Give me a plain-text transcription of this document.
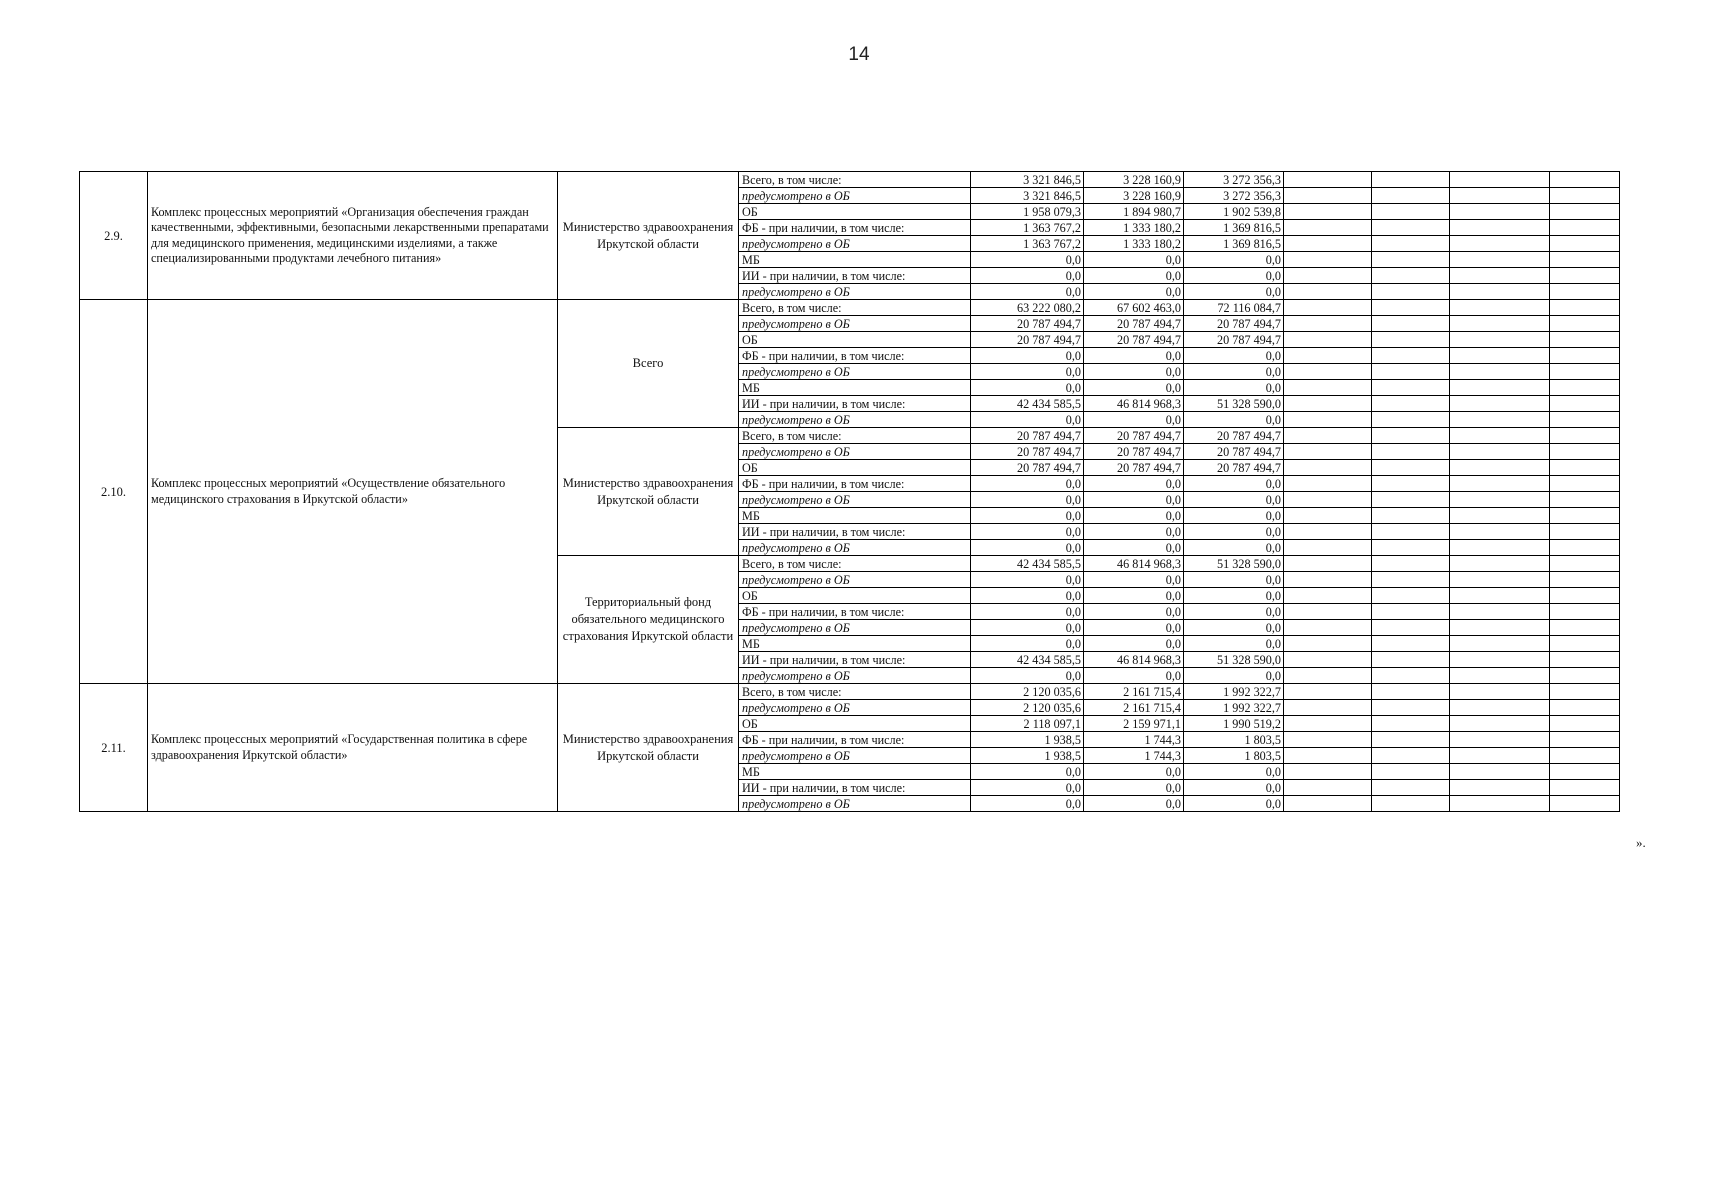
14
2.9.	Комплекс процессных мероприятий «Организация обеспечения граждан качественными, эффективными, безопасными лекарственными препаратами для медицинского применения, медицинскими изделиями, а также специализированными продуктами лечебного питания»	Министерство здравоохранения Иркутской области	Всего, в том числе:	3 321 846,5	3 228 160,9	3 272 356,3				
			предусмотрено в ОБ	3 321 846,5	3 228 160,9	3 272 356,3				
			ОБ	1 958 079,3	1 894 980,7	1 902 539,8				
			ФБ - при наличии, в том числе:	1 363 767,2	1 333 180,2	1 369 816,5				
			предусмотрено в ОБ	1 363 767,2	1 333 180,2	1 369 816,5				
			МБ	0,0	0,0	0,0				
			ИИ - при наличии, в том числе:	0,0	0,0	0,0				
			предусмотрено в ОБ	0,0	0,0	0,0				
2.10.	Комплекс процессных мероприятий «Осуществление обязательного медицинского страхования в Иркутской области»	Всего	Всего, в том числе:	63 222 080,2	67 602 463,0	72 116 084,7				
			предусмотрено в ОБ	20 787 494,7	20 787 494,7	20 787 494,7				
			ОБ	20 787 494,7	20 787 494,7	20 787 494,7				
			ФБ - при наличии, в том числе:	0,0	0,0	0,0				
			предусмотрено в ОБ	0,0	0,0	0,0				
			МБ	0,0	0,0	0,0				
			ИИ - при наличии, в том числе:	42 434 585,5	46 814 968,3	51 328 590,0				
			предусмотрено в ОБ	0,0	0,0	0,0				
		Министерство здравоохранения Иркутской области	Всего, в том числе:	20 787 494,7	20 787 494,7	20 787 494,7				
			предусмотрено в ОБ	20 787 494,7	20 787 494,7	20 787 494,7				
			ОБ	20 787 494,7	20 787 494,7	20 787 494,7				
			ФБ - при наличии, в том числе:	0,0	0,0	0,0				
			предусмотрено в ОБ	0,0	0,0	0,0				
			МБ	0,0	0,0	0,0				
			ИИ - при наличии, в том числе:	0,0	0,0	0,0				
			предусмотрено в ОБ	0,0	0,0	0,0				
		Территориальный фонд обязательного медицинского страхования Иркутской области	Всего, в том числе:	42 434 585,5	46 814 968,3	51 328 590,0				
			предусмотрено в ОБ	0,0	0,0	0,0				
			ОБ	0,0	0,0	0,0				
			ФБ - при наличии, в том числе:	0,0	0,0	0,0				
			предусмотрено в ОБ	0,0	0,0	0,0				
			МБ	0,0	0,0	0,0				
			ИИ - при наличии, в том числе:	42 434 585,5	46 814 968,3	51 328 590,0				
			предусмотрено в ОБ	0,0	0,0	0,0				
2.11.	Комплекс процессных мероприятий «Государственная политика в сфере здравоохранения Иркутской области»	Министерство здравоохранения Иркутской области	Всего, в том числе:	2 120 035,6	2 161 715,4	1 992 322,7				
			предусмотрено в ОБ	2 120 035,6	2 161 715,4	1 992 322,7				
			ОБ	2 118 097,1	2 159 971,1	1 990 519,2				
			ФБ - при наличии, в том числе:	1 938,5	1 744,3	1 803,5				
			предусмотрено в ОБ	1 938,5	1 744,3	1 803,5				
			МБ	0,0	0,0	0,0				
			ИИ - при наличии, в том числе:	0,0	0,0	0,0				
			предусмотрено в ОБ	0,0	0,0	0,0				
».
